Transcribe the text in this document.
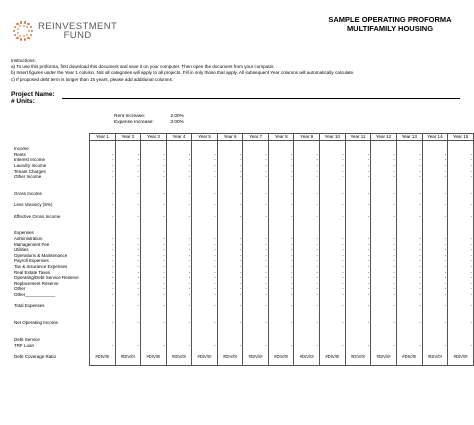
REINVESTMENT
FUND
SAMPLE OPERATING PROFORMA
MULTIFAMILY HOUSING
Instructions:
a) To use this proforma, first download this document and save it on your computer. Then open the document from your computer.
b) Insert figures under the Year 1 column. Not all categories will apply to all projects. Fill in only those that apply. All subsequent Year columns will automatically calculate.
c) If proposed debt term is longer than 15 years, please add additional columns.
Project Name:
# Units:
Rent Increase:	2.00%
Expense Increase:	3.00%
	Year 1	Year 2	Year 3	Year 4	Year 5	Year 6	Year 7	Year 8	Year 9	Year 10	Year 11	Year 12	Year 13	Year 14	Year 15

Income															
Rents	-	-	-	-	-	-	-	-	-	-	-	-	-	-	-
Interest Income	-	-	-	-	-	-	-	-	-	-	-	-	-	-	-
Laundry Income	-	-	-	-	-	-	-	-	-	-	-	-	-	-	-
Tenant Charges	-	-	-	-	-	-	-	-	-	-	-	-	-	-	-
Other Income	-	-	-	-	-	-	-	-	-	-	-	-	-	-	-

Gross Income	-	-	-	-	-	-	-	-	-	-	-	-	-	-	-

Less Vacancy (5%)	-	-	-	-	-	-	-	-	-	-	-	-	-	-	-

Effective Gross Income	-	-	-	-	-	-	-	-	-	-	-	-	-	-	-

Expenses															
Administration	-	-	-	-	-	-	-	-	-	-	-	-	-	-	-
Management Fee	-	-	-	-	-	-	-	-	-	-	-	-	-	-	-
Utilities	-	-	-	-	-	-	-	-	-	-	-	-	-	-	-
Operations & Maintenance	-	-	-	-	-	-	-	-	-	-	-	-	-	-	-
Payroll Expenses	-	-	-	-	-	-	-	-	-	-	-	-	-	-	-
Tax & Insurance Expenses	-	-	-	-	-	-	-	-	-	-	-	-	-	-	-
Real Estate Taxes	-	-	-	-	-	-	-	-	-	-	-	-	-	-	-
Operating/Debt Service Reserve	-	-	-	-	-	-	-	-	-	-	-	-	-	-	-
Replacement Reserve	-	-	-	-	-	-	-	-	-	-	-	-	-	-	-
Other	-	-	-	-	-	-	-	-	-	-	-	-	-	-	-
Other____________	-	-	-	-	-	-	-	-	-	-	-	-	-	-	-

Total Expenses	-	-	-	-	-	-	-	-	-	-	-	-	-	-	-

Net Operating Income	-	-	-	-	-	-	-	-	-	-	-	-	-	-	-

Debt Service															
TRF Loan	-	-	-	-	-	-	-	-	-	-	-	-	-	-	-

Debt Coverage Ratio	#DIV/0!	#DIV/0!	#DIV/0!	#DIV/0!	#DIV/0!	#DIV/0!	#DIV/0!	#DIV/0!	#DIV/0!	#DIV/0!	#DIV/0!	#DIV/0!	#DIV/0!	#DIV/0!	#DIV/0!
